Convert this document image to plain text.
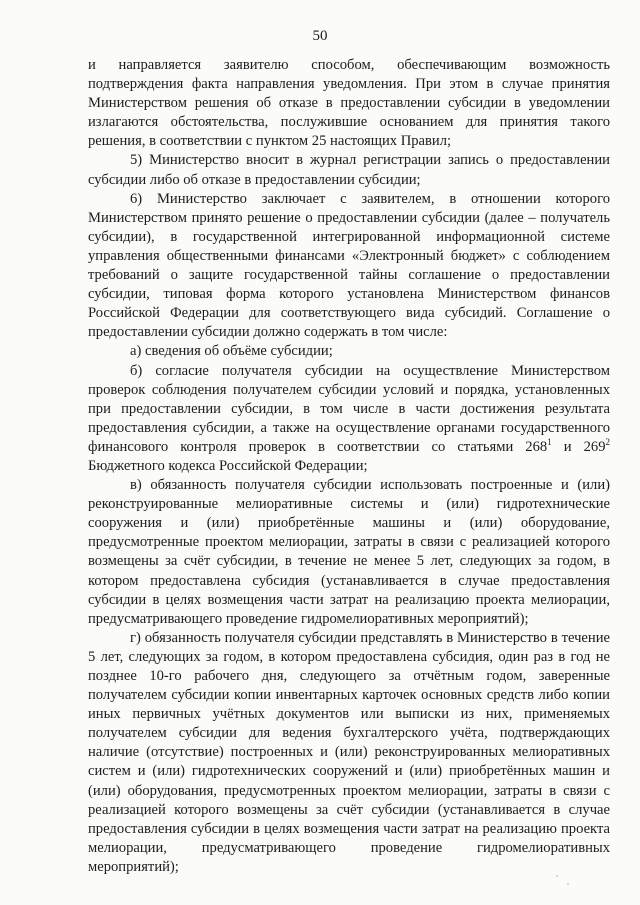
50

и направляется заявителю способом, обеспечивающим возможность подтверждения факта направления уведомления. При этом в случае принятия Министерством решения об отказе в предоставлении субсидии в уведомлении излагаются обстоятельства, послужившие основанием для принятия такого решения, в соответствии с пунктом 25 настоящих Правил;

5) Министерство вносит в журнал регистрации запись о предоставлении субсидии либо об отказе в предоставлении субсидии;

6) Министерство заключает с заявителем, в отношении которого Министерством принято решение о предоставлении субсидии (далее – получатель субсидии), в государственной интегрированной информационной системе управления общественными финансами «Электронный бюджет» с соблюдением требований о защите государственной тайны соглашение о предоставлении субсидии, типовая форма которого установлена Министерством финансов Российской Федерации для соответствующего вида субсидий. Соглашение о предоставлении субсидии должно содержать в том числе:

а) сведения об объёме субсидии;

б) согласие получателя субсидии на осуществление Министерством проверок соблюдения получателем субсидии условий и порядка, установленных при предоставлении субсидии, в том числе в части достижения результата предоставления субсидии, а также на осуществление органами государственного финансового контроля проверок в соответствии со статьями $268^1$ и $269^2$ Бюджетного кодекса Российской Федерации;

в) обязанность получателя субсидии использовать построенные и (или) реконструированные мелиоративные системы и (или) гидротехнические сооружения и (или) приобретённые машины и (или) оборудование, предусмотренные проектом мелиорации, затраты в связи с реализацией которого возмещены за счёт субсидии, в течение не менее 5 лет, следующих за годом, в котором предоставлена субсидия (устанавливается в случае предоставления субсидии в целях возмещения части затрат на реализацию проекта мелиорации, предусматривающего проведение гидромелиоративных мероприятий);

г) обязанность получателя субсидии представлять в Министерство в течение 5 лет, следующих за годом, в котором предоставлена субсидия, один раз в год не позднее 10-го рабочего дня, следующего за отчётным годом, заверенные получателем субсидии копии инвентарных карточек основных средств либо копии иных первичных учётных документов или выписки из них, применяемых получателем субсидии для ведения бухгалтерского учёта, подтверждающих наличие (отсутствие) построенных и (или) реконструированных мелиоративных систем и (или) гидротехнических сооружений и (или) приобретённых машин и (или) оборудования, предусмотренных проектом мелиорации, затраты в связи с реализацией которого возмещены за счёт субсидии (устанавливается в случае предоставления субсидии в целях возмещения части затрат на реализацию проекта мелиорации, предусматривающего проведение гидромелиоративных мероприятий);

˙
˙
